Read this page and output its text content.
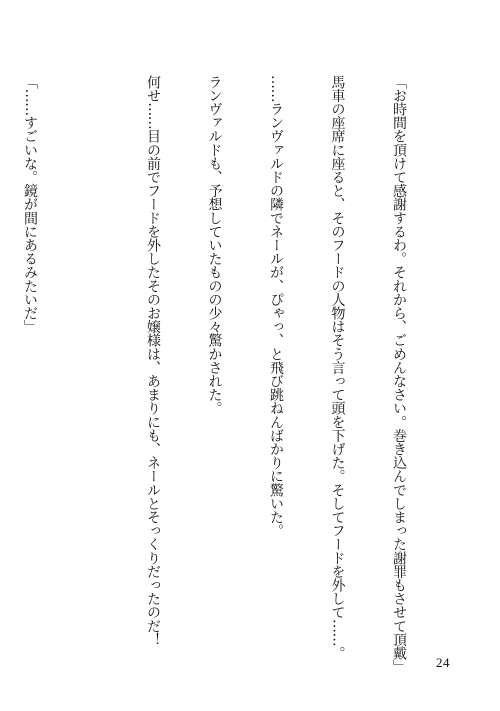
「お時間を頂けて感謝するわ。それから、ごめんなさい。巻き込んでしまった謝罪もさせて頂戴」

馬車の座席に座ると、そのフードの人物はそう言って頭を下げた。そしてフードを外して……。

……ランヴァルドの隣でネールが、ぴゃっ、と飛び跳ねんばかりに驚いた。

ランヴァルドも、予想していたものの少々驚かされた。

何せ……目の前でフードを外したそのお嬢様は、あまりにも、ネールとそっくりだったのだ！

「……すごいな。鏡が間にあるみたいだ」

24
